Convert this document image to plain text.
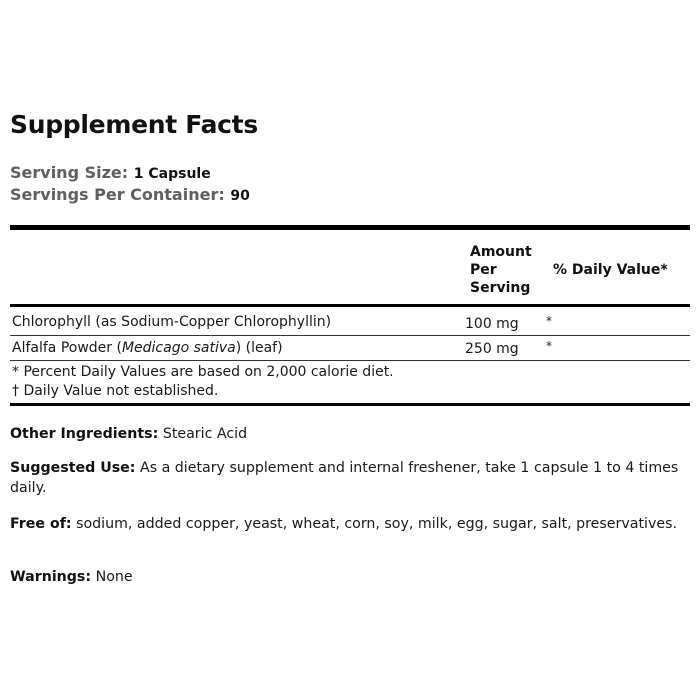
Supplement Facts
Serving Size: 1 Capsule
Servings Per Container: 90
Amount
Per
Serving
% Daily Value*
Chlorophyll (as Sodium-Copper Chlorophyllin)	100 mg *
Alfalfa Powder (Medicago sativa) (leaf)	250 mg *
* Percent Daily Values are based on 2,000 calorie diet.
† Daily Value not established.
Other Ingredients: Stearic Acid
Suggested Use: As a dietary supplement and internal freshener, take 1 capsule 1 to 4 times daily.
Free of: sodium, added copper, yeast, wheat, corn, soy, milk, egg, sugar, salt, preservatives.
Warnings: None
